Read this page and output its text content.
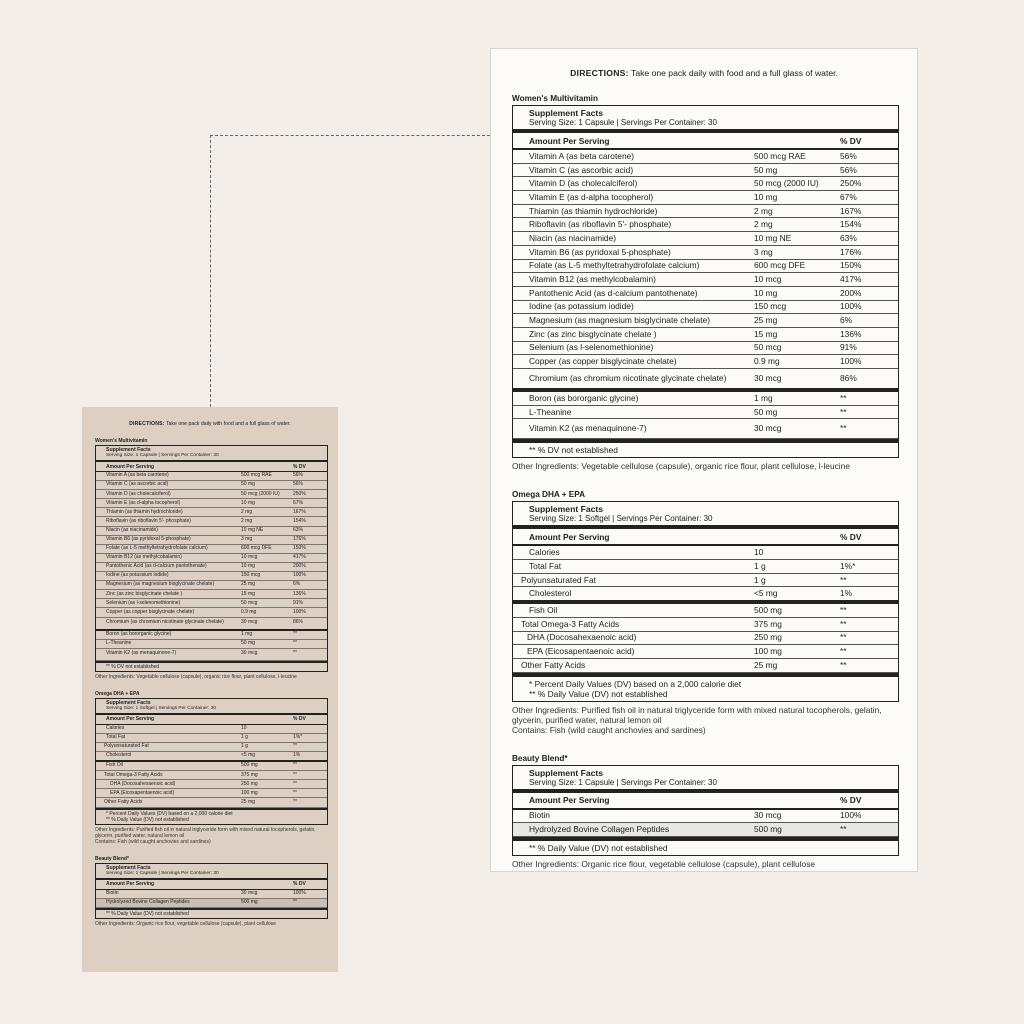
DIRECTIONS: Take one pack daily with food and a full glass of water.
Women's Multivitamin
Supplement Facts
Serving Size: 1 Capsule | Servings Per Container: 30
Amount Per Serving	% DV
Vitamin A (as beta carotene)	500 mcg RAE	56%
Vitamin C (as ascorbic acid)	50 mg	56%
Vitamin D (as cholecalciferol)	50 mcg (2000 IU)	250%
Vitamin E (as d-alpha tocopherol)	10 mg	67%
Thiamin (as thiamin hydrochloride)	2 mg	167%
Riboflavin (as riboflavin 5'- phosphate)	2 mg	154%
Niacin (as niacinamide)	10 mg NE	63%
Vitamin B6 (as pyridoxal 5-phosphate)	3 mg	176%
Folate (as L-5 methyltetrahydrofolate calcium)	600 mcg DFE	150%
Vitamin B12 (as methylcobalamin)	10 mcg	417%
Pantothenic Acid (as d-calcium pantothenate)	10 mg	200%
Iodine (as potassium iodide)	150 mcg	100%
Magnesium (as magnesium bisglycinate chelate)	25 mg	6%
Zinc (as zinc bisglycinate chelate )	15 mg	136%
Selenium (as l-selenomethionine)	50 mcg	91%
Copper (as copper bisglycinate chelate)	0.9 mg	100%
Chromium (as chromium nicotinate glycinate chelate)	30 mcg	86%
Boron (as bororganic glycine)	1 mg	**
L-Theanine	50 mg	**
Vitamin K2 (as menaquinone-7)	30 mcg	**
** % DV not established
Other Ingredients: Vegetable cellulose (capsule), organic rice flour, plant cellulose, l-leucine
Omega DHA + EPA
Supplement Facts
Serving Size: 1 Softgel | Servings Per Container: 30
Amount Per Serving	% DV
Calories	10
Total Fat	1 g	1%*
Polyunsaturated Fat	1 g	**
Cholesterol	<5 mg	1%
Fish Oil	500 mg	**
Total Omega-3 Fatty Acids	375 mg	**
DHA (Docosahexaenoic acid)	250 mg	**
EPA (Eicosapentaenoic acid)	100 mg	**
Other Fatty Acids	25 mg	**
* Percent Daily Values (DV) based on a 2,000 calorie diet
** % Daily Value (DV) not established
Other Ingredients: Purified fish oil in natural triglyceride form with mixed natural tocopherols, gelatin, glycerin, purified water, natural lemon oil
Contains: Fish (wild caught anchovies and sardines)
Beauty Blend*
Supplement Facts
Serving Size: 1 Capsule | Servings Per Container: 30
Amount Per Serving	% DV
Biotin	30 mcg	100%
Hydrolyzed Bovine Collagen Peptides	500 mg	**
** % Daily Value (DV) not established
Other Ingredients: Organic rice flour, vegetable cellulose (capsule), plant cellulose
DIRECTIONS: Take one pack daily with food and a full glass of water.
Women's Multivitamin
Supplement Facts
Serving Size: 1 Capsule | Servings Per Container: 30
Amount Per Serving	% DV
Vitamin A (as beta carotene)	500 mcg RAE	56%
Vitamin C (as ascorbic acid)	50 mg	56%
Vitamin D (as cholecalciferol)	50 mcg (2000 IU)	250%
Vitamin E (as d-alpha tocopherol)	10 mg	67%
Thiamin (as thiamin hydrochloride)	2 mg	167%
Riboflavin (as riboflavin 5'- phosphate)	2 mg	154%
Niacin (as niacinamide)	10 mg NE	63%
Vitamin B6 (as pyridoxal 5-phosphate)	3 mg	176%
Folate (as L-5 methyltetrahydrofolate calcium)	600 mcg DFE	150%
Vitamin B12 (as methylcobalamin)	10 mcg	417%
Pantothenic Acid (as d-calcium pantothenate)	10 mg	200%
Iodine (as potassium iodide)	150 mcg	100%
Magnesium (as magnesium bisglycinate chelate)	25 mg	6%
Zinc (as zinc bisglycinate chelate )	15 mg	136%
Selenium (as l-selenomethionine)	50 mcg	91%
Copper (as copper bisglycinate chelate)	0.9 mg	100%
Chromium (as chromium nicotinate glycinate chelate)	30 mcg	86%
Boron (as bororganic glycine)	1 mg	**
L-Theanine	50 mg	**
Vitamin K2 (as menaquinone-7)	30 mcg	**
** % DV not established
Other Ingredients: Vegetable cellulose (capsule), organic rice flour, plant cellulose, l-leucine
Omega DHA + EPA
Supplement Facts
Serving Size: 1 Softgel | Servings Per Container: 30
Amount Per Serving	% DV
Calories	10
Total Fat	1 g	1%*
Polyunsaturated Fat	1 g	**
Cholesterol	<5 mg	1%
Fish Oil	500 mg	**
Total Omega-3 Fatty Acids	375 mg	**
DHA (Docosahexaenoic acid)	250 mg	**
EPA (Eicosapentaenoic acid)	100 mg	**
Other Fatty Acids	25 mg	**
* Percent Daily Values (DV) based on a 2,000 calorie diet
** % Daily Value (DV) not established
Other Ingredients: Purified fish oil in natural triglyceride form with mixed natural tocopherols, gelatin, glycerin, purified water, natural lemon oil
Contains: Fish (wild caught anchovies and sardines)
Beauty Blend*
Supplement Facts
Serving Size: 1 Capsule | Servings Per Container: 30
Amount Per Serving	% DV
Biotin	30 mcg	100%
Hydrolyzed Bovine Collagen Peptides	500 mg	**
** % Daily Value (DV) not established
Other Ingredients: Organic rice flour, vegetable cellulose (capsule), plant cellulose
